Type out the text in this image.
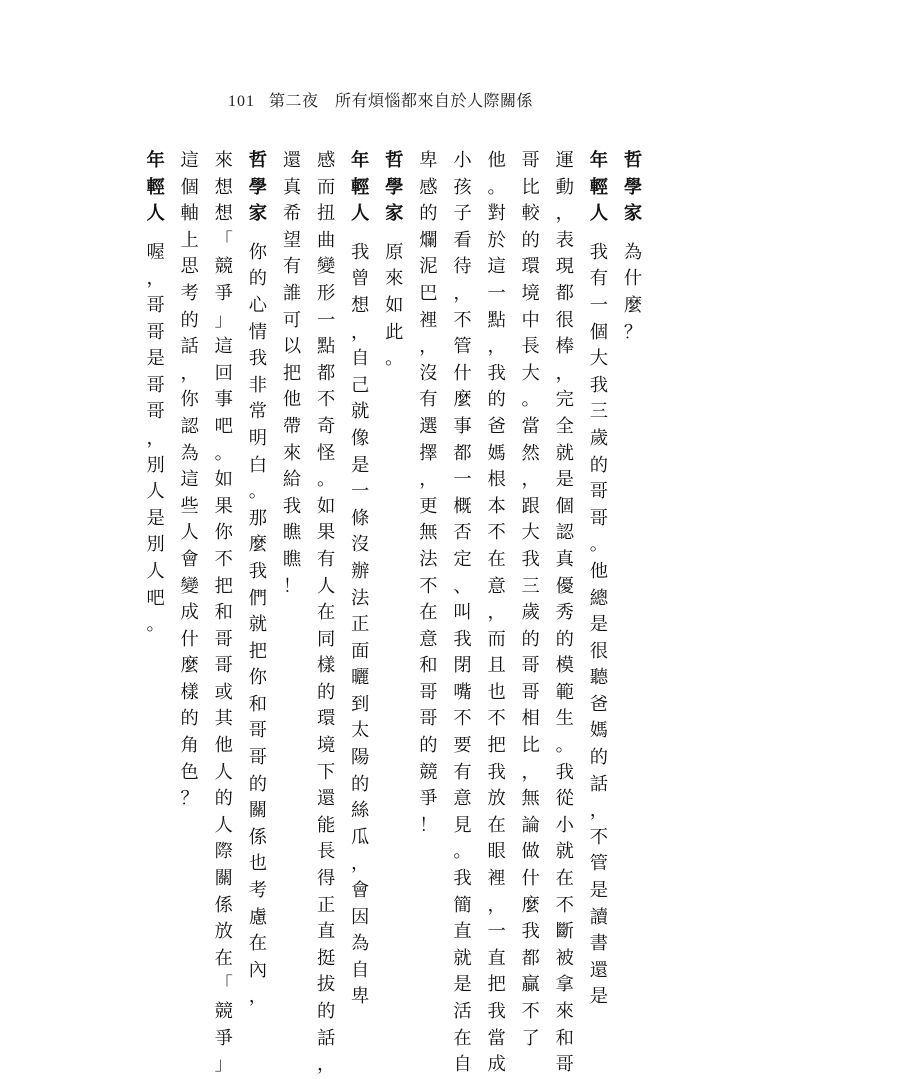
101 第二夜　所有煩惱都來自於人際關係
哲
學
家
為
什
麼
？
年
輕
人
我
有
一
個
大
我
三
歲
的
哥
哥
。
他
總
是
很
聽
爸
媽
的
話
，
不
管
是
讀
書
還
是
運
動
，
表
現
都
很
棒
，
完
全
就
是
個
認
真
優
秀
的
模
範
生
。
我
從
小
就
在
不
斷
被
拿
來
和
哥
哥
比
較
的
環
境
中
長
大
。
當
然
，
跟
大
我
三
歲
的
哥
哥
相
比
，
無
論
做
什
麼
我
都
贏
不
了
他
。
對
於
這
一
點
，
我
的
爸
媽
根
本
不
在
意
，
而
且
也
不
把
我
放
在
眼
裡
，
一
直
把
我
當
成
小
孩
子
看
待
，
不
管
什
麼
事
都
一
概
否
定
、
叫
我
閉
嘴
不
要
有
意
見
。
我
簡
直
就
是
活
在
自
卑
感
的
爛
泥
巴
裡
，
沒
有
選
擇
，
更
無
法
不
在
意
和
哥
哥
的
競
爭
！
哲
學
家
原
來
如
此
。
年
輕
人
我
曾
想
，
自
己
就
像
是
一
條
沒
辦
法
正
面
曬
到
太
陽
的
絲
瓜
，
會
因
為
自
卑
感
而
扭
曲
變
形
一
點
都
不
奇
怪
。
如
果
有
人
在
同
樣
的
環
境
下
還
能
長
得
正
直
挺
拔
的
話
，
還
真
希
望
有
誰
可
以
把
他
帶
來
給
我
瞧
瞧
！
哲
學
家
你
的
心
情
我
非
常
明
白
。
那
麼
我
們
就
把
你
和
哥
哥
的
關
係
也
考
慮
在
內
，
來
想
想
「
競
爭
」
這
回
事
吧
。
如
果
你
不
把
和
哥
哥
或
其
他
人
的
人
際
關
係
放
在
「
競
爭
」
這
個
軸
上
思
考
的
話
，
你
認
為
這
些
人
會
變
成
什
麼
樣
的
角
色
？
年
輕
人
喔
，
哥
哥
是
哥
哥
，
別
人
是
別
人
吧
。
